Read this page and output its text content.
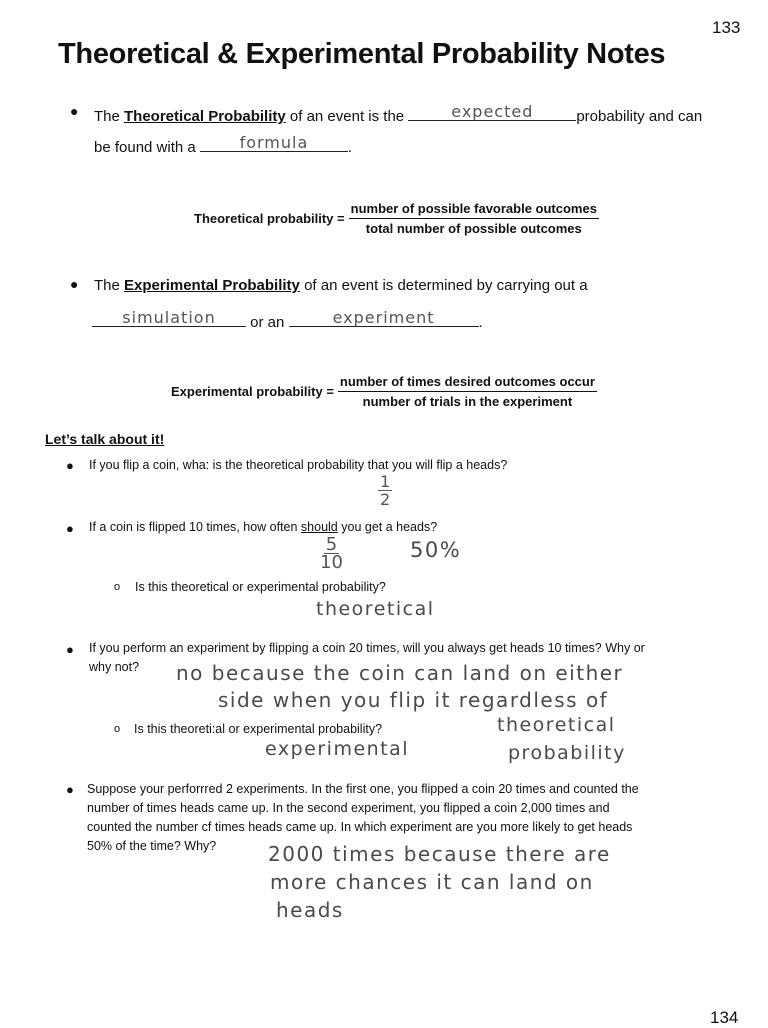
133
134
Theoretical & Experimental Probability Notes
● The Theoretical Probability of an event is the	expected	probability and can
be found with a	formula	.
Theoretical probability = $\frac{\text{number of possible favorable outcomes}}{\text{total number of possible outcomes}}$
● The Experimental Probability of an event is determined by carrying out a
simulation	or an	experiment	.
Experimental probability = $\frac{\text{number of times desired outcomes occur}}{\text{number of trials in the experiment}}$
Let’s talk about it!
● If you flip a coin, wha: is the theoretical probability that you will flip a heads?
$\frac{1}{2}$
● If a coin is flipped 10 times, how often should you get a heads?
$\frac{5}{10}$	50%
o Is this theoretical or experimental probability?
theoretical
● If you perform an expəriment by flipping a coin 20 times, will you always get heads 10 times? Why or
why not? no because the coin can land on either
side when you flip it regardless of
o Is this theoreti:al or experimental probability?	theoretical
probability
experimental
● Suppose your perforrred 2 experiments. In the first one, you flipped a coin 20 times and counted the
number of times heads came up. In the second experiment, you flipped a coin 2,000 times and
counted the number cf times heads came up. In which experiment are you more likely to get heads
50% of the time? Why?	2000 times because there are
more chances it can land on
heads
